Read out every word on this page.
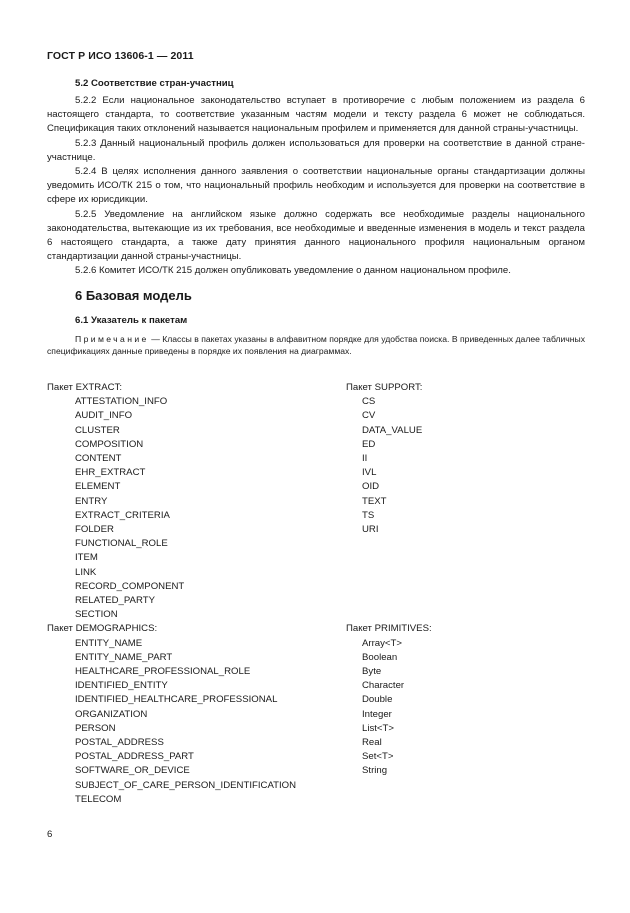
ГОСТ Р ИСО 13606-1 — 2011
5.2 Соответствие стран-участниц

5.2.2 Если национальное законодательство вступает в противоречие с любым положением из раздела 6 настоящего стандарта, то соответствие указанным частям модели и тексту раздела 6 может не соблюдаться. Спецификация таких отклонений называется национальным профилем и применяется для данной страны-участницы.

5.2.3 Данный национальный профиль должен использоваться для проверки на соответствие в данной стране-участнице.

5.2.4 В целях исполнения данного заявления о соответствии национальные органы стандартизации должны уведомить ИСО/ТК 215 о том, что национальный профиль необходим и используется для проверки на соответствие в сфере их юрисдикции.

5.2.5 Уведомление на английском языке должно содержать все необходимые разделы национального законодательства, вытекающие из их требования, все необходимые и введенные изменения в модель и текст раздела 6 настоящего стандарта, а также дату принятия данного национального профиля национальным органом стандартизации данной страны-участницы.

5.2.6 Комитет ИСО/ТК 215 должен опубликовать уведомление о данном национальном профиле.

6 Базовая модель
6.1 Указатель к пакетам

Примечание — Классы в пакетах указаны в алфавитном порядке для удобства поиска. В приведенных далее табличных спецификациях данные приведены в порядке их появления на диаграммах.

Пакет EXTRACT:

ATTESTATION_INFO
AUDIT_INFO
CLUSTER
COMPOSITION
CONTENT
EHR_EXTRACT
ELEMENT
ENTRY
EXTRACT_CRITERIA
FOLDER
FUNCTIONAL_ROLE
ITEM
LINK
RECORD_COMPONENT
RELATED_PARTY
SECTION

Пакет DEMOGRAPHICS:

ENTITY_NAME
ENTITY_NAME_PART
HEALTHCARE_PROFESSIONAL_ROLE
IDENTIFIED_ENTITY
IDENTIFIED_HEALTHCARE_PROFESSIONAL
ORGANIZATION
PERSON
POSTAL_ADDRESS
POSTAL_ADDRESS_PART
SOFTWARE_OR_DEVICE
SUBJECT_OF_CARE_PERSON_IDENTIFICATION
TELECOM

Пакет SUPPORT:

CS
CV
DATA_VALUE
ED
II
IVL
OID
TEXT
TS
URI

Пакет PRIMITIVES:

Array<T>
Boolean
Byte
Character
Double
Integer
List<T>
Real
Set<T>
String
6
